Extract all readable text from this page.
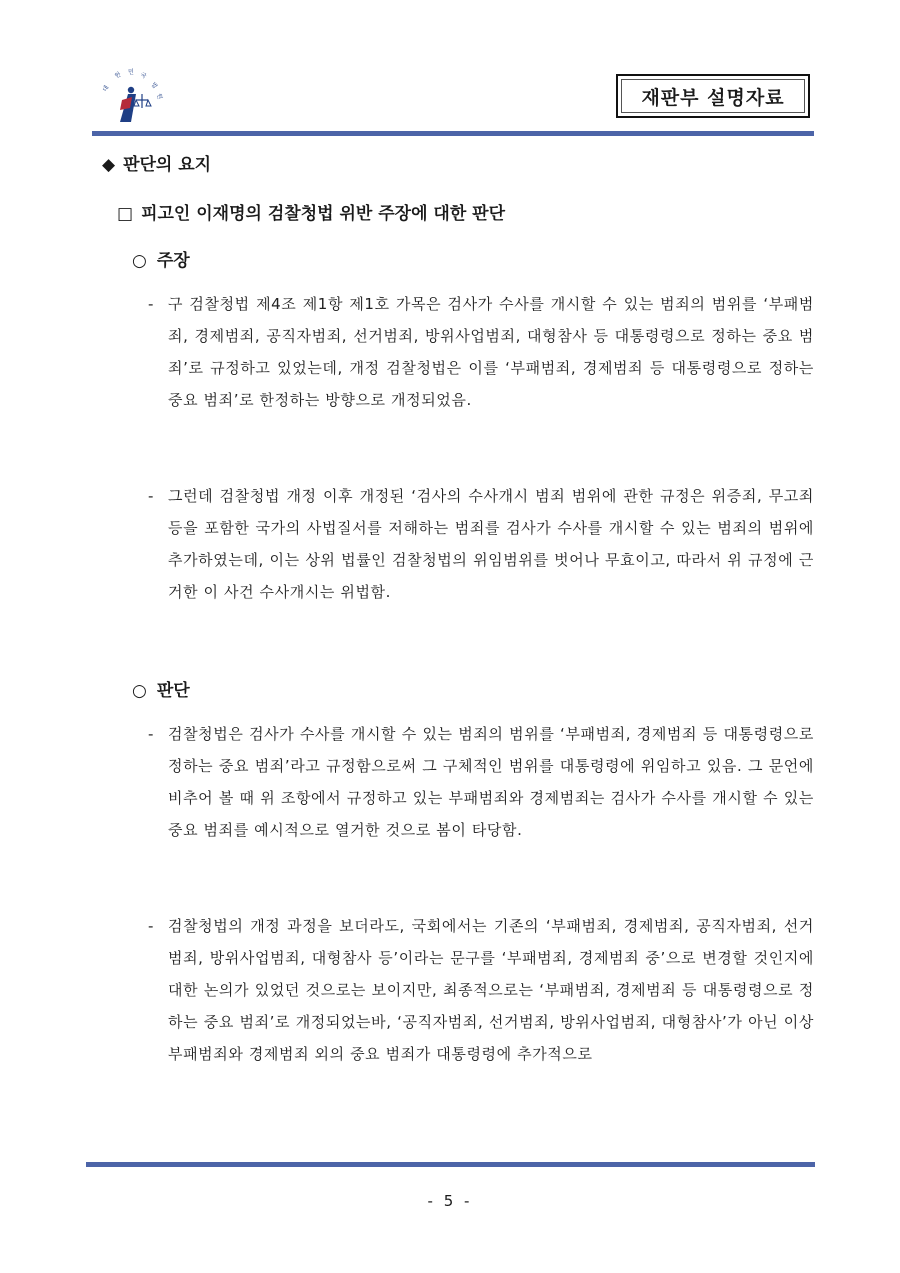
대
한 민 국
법
원	재판부 설명자료
◆ 판단의 요지
□ 피고인 이재명의 검찰청법 위반 주장에 대한 판단
○ 주장
- 구 검찰청법 제4조 제1항 제1호 가목은 검사가 수사를 개시할 수 있는 범죄의 범위를 ‘부패범죄, 경제범죄, 공직자범죄, 선거범죄, 방위사업범죄, 대형참사 등 대통령령으로 정하는 중요 범죄’로 규정하고 있었는데, 개정 검찰청법은 이를 ‘부패범죄, 경제범죄 등 대통령령으로 정하는 중요 범죄’로 한정하는 방향으로 개정되었음.
- 그런데 검찰청법 개정 이후 개정된 ‘검사의 수사개시 범죄 범위에 관한 규정은 위증죄, 무고죄 등을 포함한 국가의 사법질서를 저해하는 범죄를 검사가 수사를 개시할 수 있는 범죄의 범위에 추가하였는데, 이는 상위 법률인 검찰청법의 위임범위를 벗어나 무효이고, 따라서 위 규정에 근거한 이 사건 수사개시는 위법함.
○ 판단
- 검찰청법은 검사가 수사를 개시할 수 있는 범죄의 범위를 ‘부패범죄, 경제범죄 등 대통령령으로 정하는 중요 범죄’라고 규정함으로써 그 구체적인 범위를 대통령령에 위임하고 있음. 그 문언에 비추어 볼 때 위 조항에서 규정하고 있는 부패범죄와 경제범죄는 검사가 수사를 개시할 수 있는 중요 범죄를 예시적으로 열거한 것으로 봄이 타당함.
- 검찰청법의 개정 과정을 보더라도, 국회에서는 기존의 ‘부패범죄, 경제범죄, 공직자범죄, 선거범죄, 방위사업범죄, 대형참사 등’이라는 문구를 ‘부패범죄, 경제범죄 중’으로 변경할 것인지에 대한 논의가 있었던 것으로는 보이지만, 최종적으로는 ‘부패범죄, 경제범죄 등 대통령령으로 정하는 중요 범죄’로 개정되었는바, ‘공직자범죄, 선거범죄, 방위사업범죄, 대형참사’가 아닌 이상 부패범죄와 경제범죄 외의 중요 범죄가 대통령령에 추가적으로
- 5 -
